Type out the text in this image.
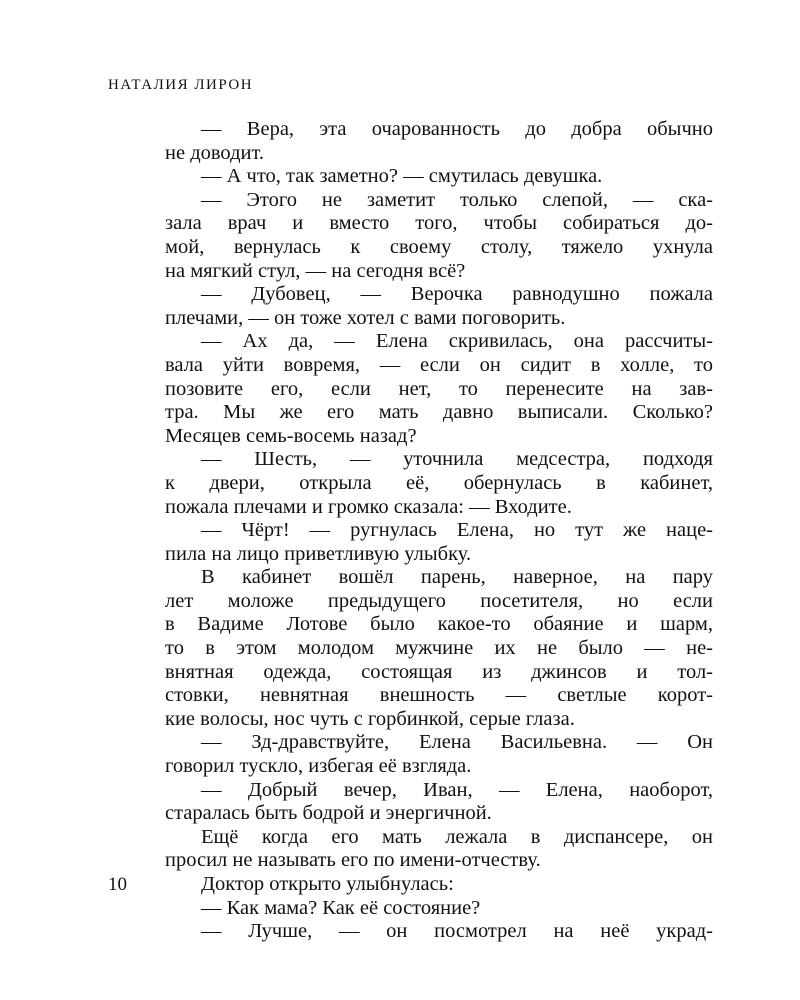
НАТАЛИЯ ЛИРОН
— Вера, эта очарованность до добра обычно
не доводит.
— А что, так заметно? — смутилась девушка.
— Этого не заметит только слепой, — ска-
зала врач и вместо того, чтобы собираться до-
мой, вернулась к своему столу, тяжело ухнула
на мягкий стул, — на сегодня всё?
— Дубовец, — Верочка равнодушно пожала
плечами, — он тоже хотел с вами поговорить.
— Ах да, — Елена скривилась, она рассчиты-
вала уйти вовремя, — если он сидит в холле, то
позовите его, если нет, то перенесите на зав-
тра. Мы же его мать давно выписали. Сколько?
Месяцев семь-восемь назад?
— Шесть, — уточнила медсестра, подходя
к двери, открыла её, обернулась в кабинет,
пожала плечами и громко сказала: — Входите.
— Чёрт! — ругнулась Елена, но тут же наце-
пила на лицо приветливую улыбку.
В кабинет вошёл парень, наверное, на пару
лет моложе предыдущего посетителя, но если
в Вадиме Лотове было какое-то обаяние и шарм,
то в этом молодом мужчине их не было — не-
внятная одежда, состоящая из джинсов и тол-
стовки, невнятная внешность — светлые корот-
кие волосы, нос чуть с горбинкой, серые глаза.
— Зд-дравствуйте, Елена Васильевна. — Он
говорил тускло, избегая её взгляда.
— Добрый вечер, Иван, — Елена, наоборот,
старалась быть бодрой и энергичной.
Ещё когда его мать лежала в диспансере, он
просил не называть его по имени-отчеству.
Доктор открыто улыбнулась:
— Как мама? Как её состояние?
— Лучше, — он посмотрел на неё украд-
10
